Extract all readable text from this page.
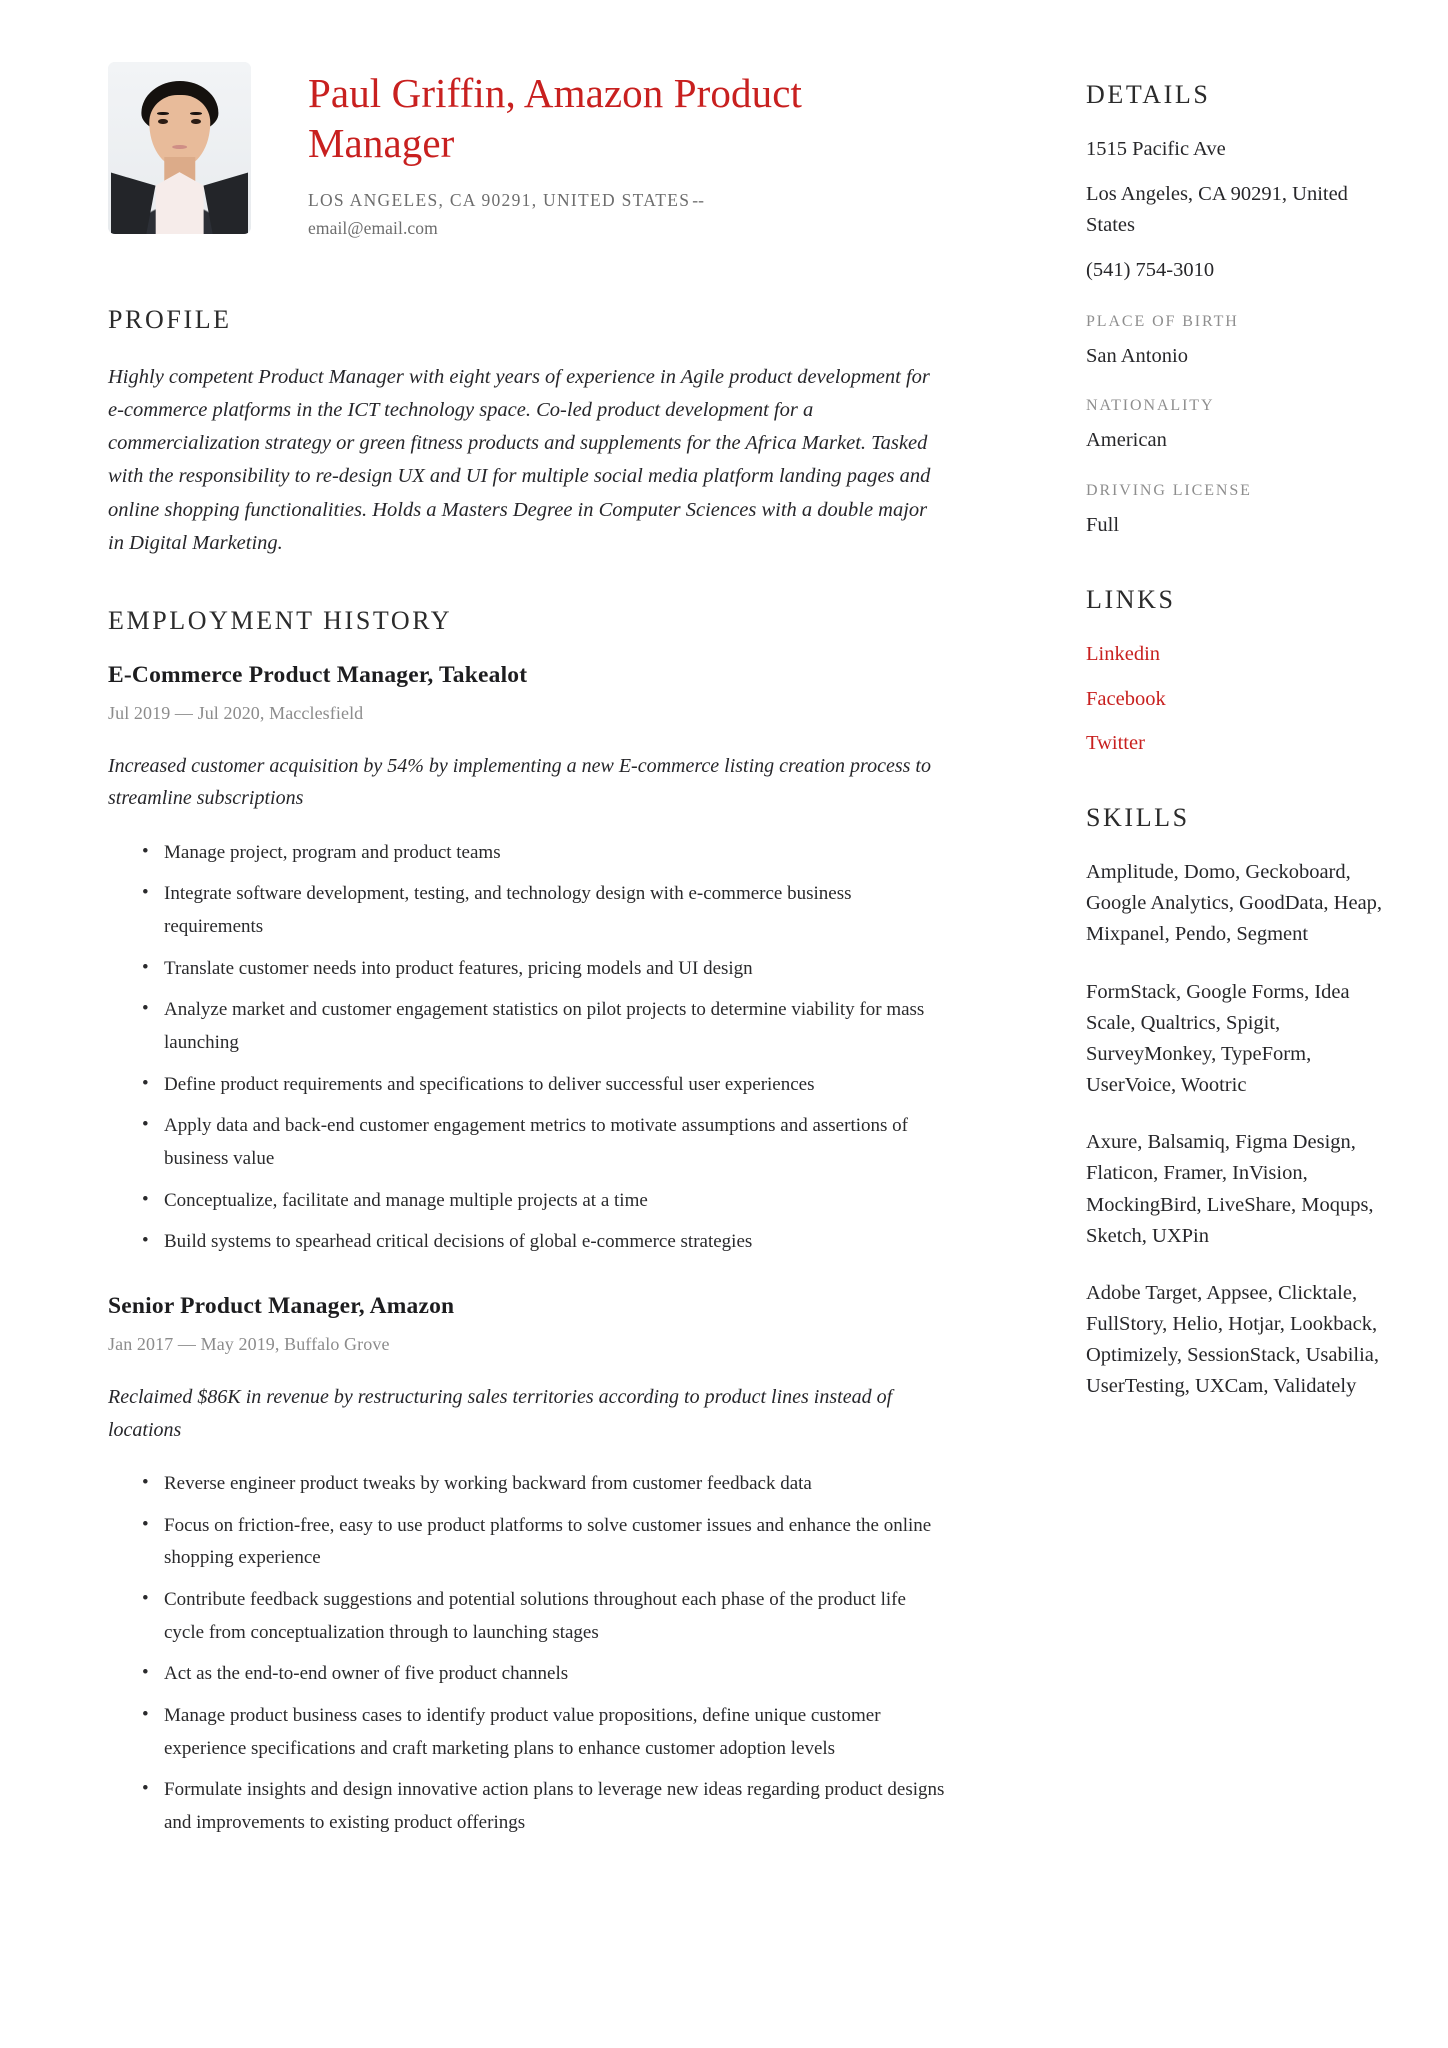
Paul Griffin, Amazon Product Manager
LOS ANGELES, CA 90291, UNITED STATES --
email@email.com
PROFILE

Highly competent Product Manager with eight years of experience in Agile product development for e-commerce platforms in the ICT technology space. Co-led product development for a commercialization strategy or green fitness products and supplements for the Africa Market. Tasked with the responsibility to re-design UX and UI for multiple social media platform landing pages and online shopping functionalities. Holds a Masters Degree in Computer Sciences with a double major in Digital Marketing.

EMPLOYMENT HISTORY
E-Commerce Product Manager, Takealot

Jul 2019 — Jul 2020, Macclesfield

Increased customer acquisition by 54% by implementing a new E-commerce listing creation process to streamline subscriptions

• Manage project, program and product teams
• Integrate software development, testing, and technology design with e-commerce business requirements
• Translate customer needs into product features, pricing models and UI design
• Analyze market and customer engagement statistics on pilot projects to determine viability for mass launching
• Define product requirements and specifications to deliver successful user experiences
• Apply data and back-end customer engagement metrics to motivate assumptions and assertions of business value
• Conceptualize, facilitate and manage multiple projects at a time
• Build systems to spearhead critical decisions of global e-commerce strategies
Senior Product Manager, Amazon

Jan 2017 — May 2019, Buffalo Grove

Reclaimed $86K in revenue by restructuring sales territories according to product lines instead of locations

• Reverse engineer product tweaks by working backward from customer feedback data
• Focus on friction-free, easy to use product platforms to solve customer issues and enhance the online shopping experience
• Contribute feedback suggestions and potential solutions throughout each phase of the product life cycle from conceptualization through to launching stages
• Act as the end-to-end owner of five product channels
• Manage product business cases to identify product value propositions, define unique customer experience specifications and craft marketing plans to enhance customer adoption levels
• Formulate insights and design innovative action plans to leverage new ideas regarding product designs and improvements to existing product offerings
DETAILS

1515 Pacific Ave

Los Angeles, CA 90291, United States

(541) 754-3010

PLACE OF BIRTH

San Antonio

NATIONALITY

American

DRIVING LICENSE

Full

LINKS
Linkedin
Facebook
Twitter
SKILLS

Amplitude, Domo, Geckoboard, Google Analytics, GoodData, Heap, Mixpanel, Pendo, Segment

FormStack, Google Forms, Idea Scale, Qualtrics, Spigit, SurveyMonkey, TypeForm, UserVoice, Wootric

Axure, Balsamiq, Figma Design, Flaticon, Framer, InVision, MockingBird, LiveShare, Moqups, Sketch, UXPin

Adobe Target, Appsee, Clicktale, FullStory, Helio, Hotjar, Lookback, Optimizely, SessionStack, Usabilia, UserTesting, UXCam, Validately
